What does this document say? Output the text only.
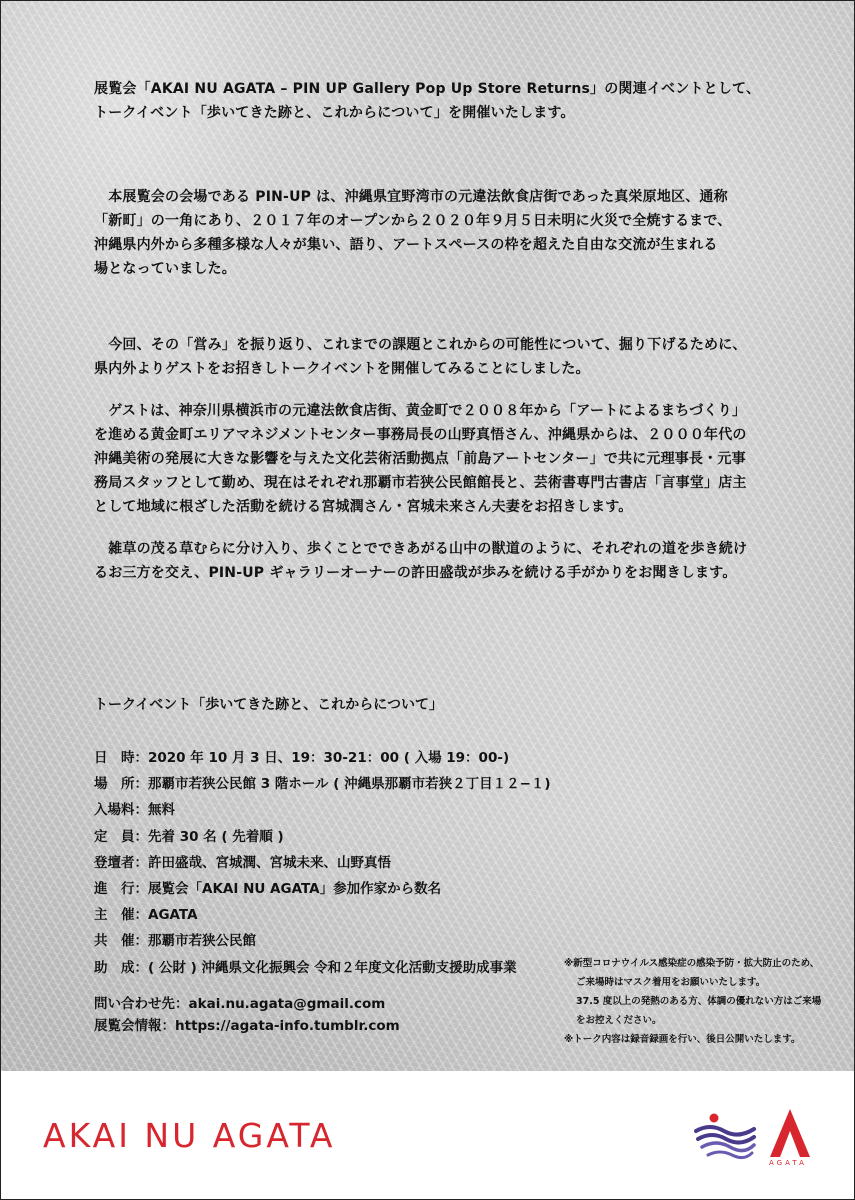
展覧会「AKAI NU AGATA – PIN UP Gallery Pop Up Store Returns」の関連イベントとして、

トークイベント「歩いてきた跡と、これからについて」を開催いたします。

　本展覧会の会場である PIN-UP は、沖縄県宜野湾市の元違法飲食店街であった真栄原地区、通称

「新町」の一角にあり、２０１７年のオープンから２０２０年９月５日未明に火災で全焼するまで、

沖縄県内外から多種多様な人々が集い、語り、アートスペースの枠を超えた自由な交流が生まれる

場となっていました。

　今回、その「営み」を振り返り、これまでの課題とこれからの可能性について、掘り下げるために、

県内外よりゲストをお招きしトークイベントを開催してみることにしました。

　ゲストは、神奈川県横浜市の元違法飲食店街、黄金町で２００８年から「アートによるまちづくり」

を進める黄金町エリアマネジメントセンター事務局長の山野真悟さん、沖縄県からは、２０００年代の

沖縄美術の発展に大きな影響を与えた文化芸術活動拠点「前島アートセンター」で共に元理事長・元事

務局スタッフとして勤め、現在はそれぞれ那覇市若狭公民館館長と、芸術書専門古書店「言事堂」店主

として地域に根ざした活動を続ける宮城潤さん・宮城未来さん夫妻をお招きします。

　雑草の茂る草むらに分け入り、歩くことでできあがる山中の獣道のように、それぞれの道を歩き続け

るお三方を交え、PIN-UP ギャラリーオーナーの許田盛哉が歩みを続ける手がかりをお聞きします。

トークイベント「歩いてきた跡と、これからについて」
日　時：2020 年 10 月 3 日、19：30-21：00 ( 入場 19：00-)
場　所：那覇市若狭公民館 3 階ホール ( 沖縄県那覇市若狭２丁目１２−１)
入場料：無料
定　員：先着 30 名 ( 先着順 )
登壇者：許田盛哉、宮城潤、宮城未来、山野真悟
進　行：展覧会「AKAI NU AGATA」参加作家から数名
主　催：AGATA
共　催：那覇市若狭公民館
助　成：( 公財 ) 沖縄県文化振興会 令和２年度文化活動支援助成事業
問い合わせ先：akai.nu.agata@gmail.com
展覧会情報：https://agata-info.tumblr.com
※新型コロナウイルス感染症の感染予防・拡大防止のため、
ご来場時はマスク着用をお願いいたします。
37.5 度以上の発熱のある方、体調の優れない方はご来場
をお控えください。
※トーク内容は録音録画を行い、後日公開いたします。
AKAI NU AGATA
AGATA
